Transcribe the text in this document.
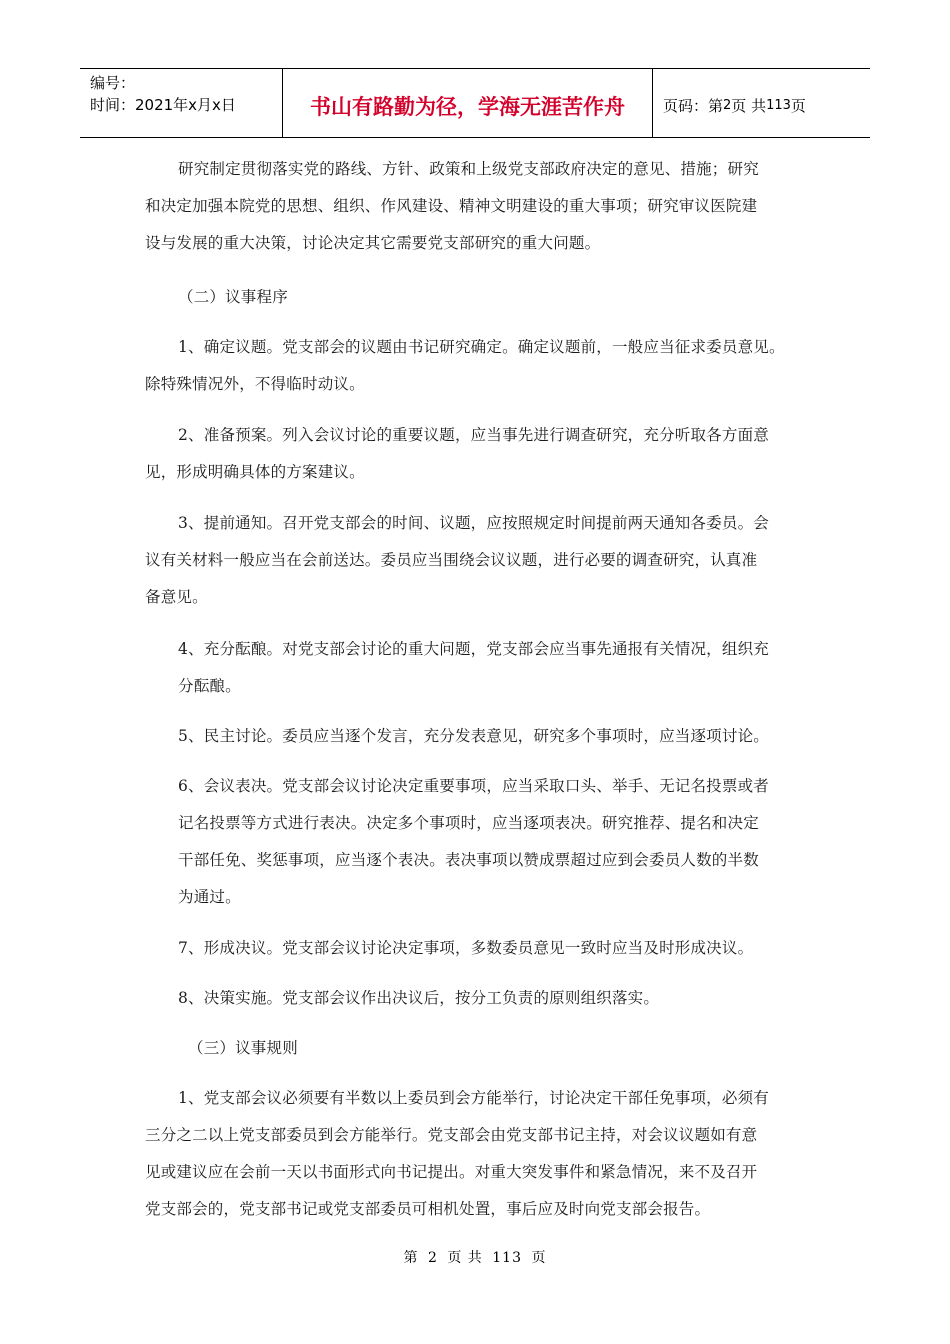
编号：
时间：2021年x月x日	书山有路勤为径，学海无涯苦作舟	页码：第 2 页 共 113 页
研究制定贯彻落实党的路线、方针、政策和上级党支部政府决定的意见、措施；研究
和决定加强本院党的思想、组织、作风建设、精神文明建设的重大事项；研究审议医院建
设与发展的重大决策，讨论决定其它需要党支部研究的重大问题。
（二）议事程序
1、确定议题。党支部会的议题由书记研究确定。确定议题前，一般应当征求委员意见。
除特殊情况外，不得临时动议。
2、准备预案。列入会议讨论的重要议题，应当事先进行调查研究，充分听取各方面意
见，形成明确具体的方案建议。
3、提前通知。召开党支部会的时间、议题，应按照规定时间提前两天通知各委员。会
议有关材料一般应当在会前送达。委员应当围绕会议议题，进行必要的调查研究，认真准
备意见。
4、充分酝酿。对党支部会讨论的重大问题，党支部会应当事先通报有关情况，组织充
分酝酿。
5、民主讨论。委员应当逐个发言，充分发表意见，研究多个事项时，应当逐项讨论。
6、会议表决。党支部会议讨论决定重要事项，应当采取口头、举手、无记名投票或者
记名投票等方式进行表决。决定多个事项时，应当逐项表决。研究推荐、提名和决定
干部任免、奖惩事项，应当逐个表决。表决事项以赞成票超过应到会委员人数的半数
为通过。
7、形成决议。党支部会议讨论决定事项，多数委员意见一致时应当及时形成决议。
8、决策实施。党支部会议作出决议后，按分工负责的原则组织落实。
（三）议事规则
1、党支部会议必须要有半数以上委员到会方能举行，讨论决定干部任免事项，必须有
三分之二以上党支部委员到会方能举行。党支部会由党支部书记主持，对会议议题如有意
见或建议应在会前一天以书面形式向书记提出。对重大突发事件和紧急情况，来不及召开
党支部会的，党支部书记或党支部委员可相机处置，事后应及时向党支部会报告。
第 2 页 共 113 页
